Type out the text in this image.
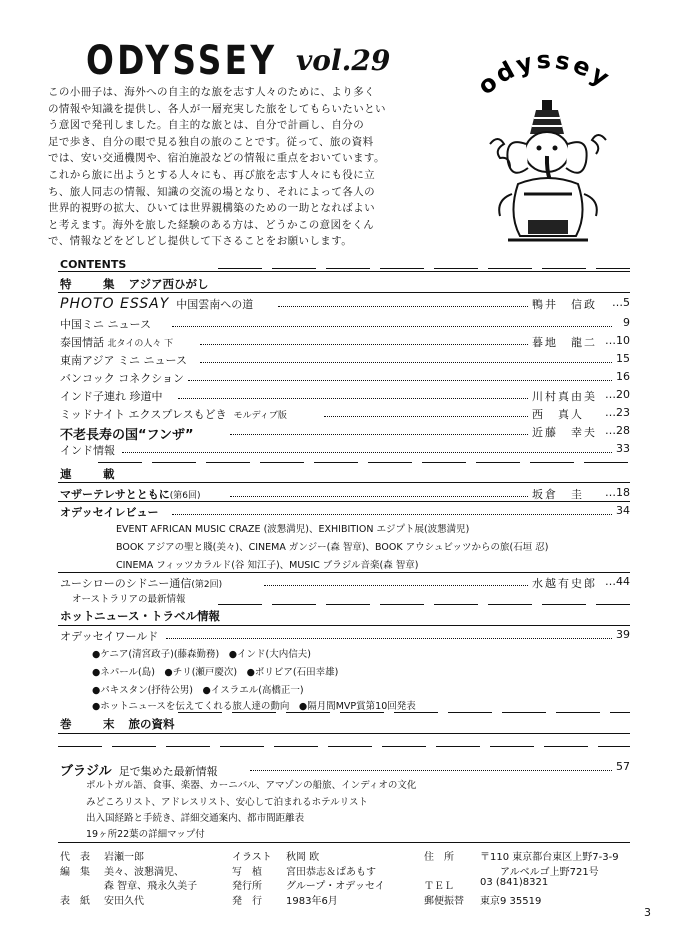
ODYSSEY vol.29
odyssey

この小冊子は、海外への自主的な旅を志す人々のために、より多く

の情報や知識を提供し、各人が一層充実した旅をしてもらいたいとい

う意図で発刊しました。自主的な旅とは、自分で計画し、自分の

足で歩き、自分の眼で見る独自の旅のことです。従って、旅の資料

では、安い交通機関や、宿泊施設などの情報に重点をおいています。

これから旅に出ようとする人々にも、再び旅を志す人々にも役に立

ち、旅人同志の情報、知識の交流の場となり、それによって各人の

世界的視野の拡大、ひいては世界親構築のための一助となればよい

と考えます。海外を旅した経験のある方は、どうかこの意図をくん

で、情報などをどしどし提供して下さることをお願いします。

CONTENTS
特　集 アジア西ひがし
PHOTO ESSAY 中国雲南への道	鴨井　信政 …5
中国ミニ ニュース	9
泰国情話 北タイの人々 下	暮地　龍二 …10
東南アジア ミニ ニュース	15
バンコック コネクション	16
インド子連れ 珍道中	川村真由美 …20
ミッドナイト エクスプレスもどき モルディブ版	西　真人 …23
不老長寿の国“フンザ”	近藤　幸夫 …28
インド情報	33
連　載
マザーテレサとともに(第6回)	坂倉　圭 …18
オデッセイレビュー	34
EVENT AFRICAN MUSIC CRAZE (波懇満児)、EXHIBITION エジプト展(波懇満児)
BOOK アジアの聖と賤(美々)、CINEMA ガンジー(森 智章)、BOOK アウシュビッツからの旅(石垣 忍)
CINEMA フィッツカラルド(谷 知江子)、MUSIC ブラジル音楽(森 智章)
ユーシローのシドニー通信(第2回)	水越有史郎 …44
オーストラリアの最新情報
ホットニュース・トラベル情報
オデッセイワールド	39
●ケニア(清宮政子)(藤森勤務)　●インド(大内信夫)
●ネパール(島)　●チリ(瀬戸慶次)　●ボリビア(石田幸雄)
●パキスタン(抒待公男)　●イスラエル(高橋正一)
●ホットニュースを伝えてくれる旅人達の動向　●隔月間MVP賞第10回発表
巻　末 旅の資料
ブラジル 足で集めた最新情報	57
ポルトガル語、食事、楽器、カーニバル、アマゾンの船旅、インディオの文化
みどころリスト、アドレスリスト、安心して泊まれるホテルリスト
出入国経路と手続き、詳細交通案内、都市間距離表
19ヶ所22葉の詳細マップ付
代　表 岩瀬一郎
編　集 美々、波懇満児、
森 智章、飛永久美子
表　紙 安田久代
イラスト 秋岡 欧
写　植 宮田恭志＆ぱあもす
発行所 グループ・オデッセイ
発　行 1983年6月
住　所	〒110 東京都台東区上野7-3-9
アルベルゴ上野721号
ＴＥＬ	03 (841)8321
郵便振替 東京9 35519
3
